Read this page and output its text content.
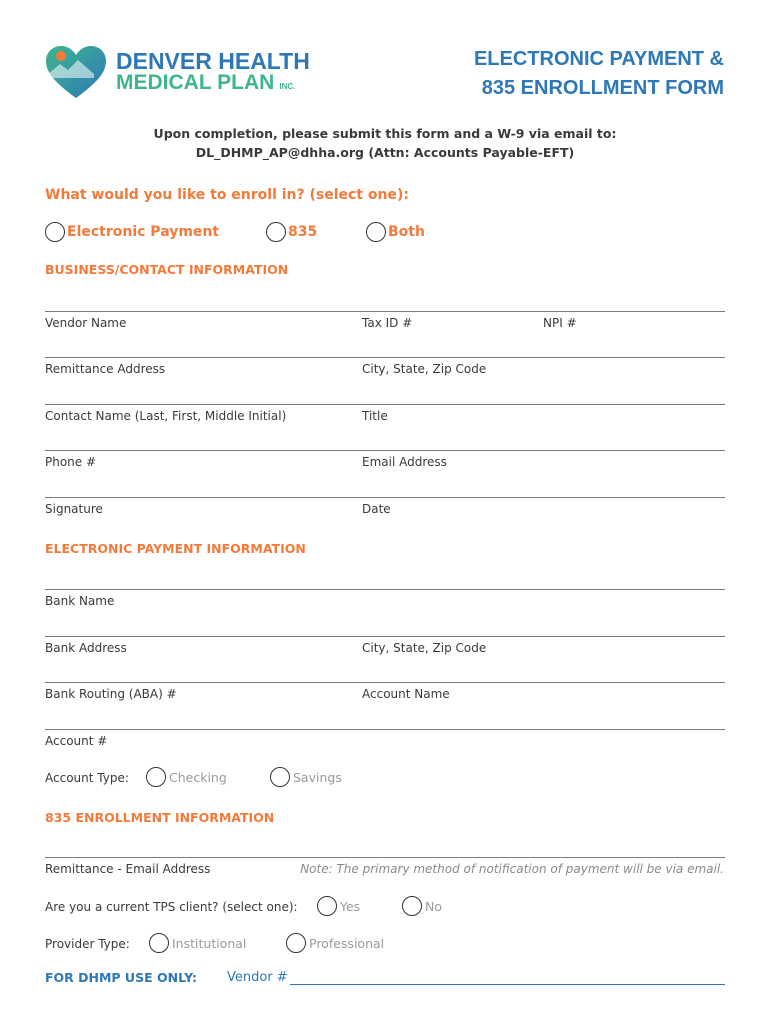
DENVER HEALTH
MEDICAL PLAN INC.
ELECTRONIC PAYMENT &
835 ENROLLMENT FORM
Upon completion, please submit this form and a W-9 via email to:
DL_DHMP_AP@dhha.org (Attn: Accounts Payable-EFT)
What would you like to enroll in? (select one):
Electronic Payment	835	Both
BUSINESS/CONTACT INFORMATION
Vendor Name	Tax ID #	NPI #
Remittance Address	City, State, Zip Code
Contact Name (Last, First, Middle Initial)	Title
Phone #	Email Address
Signature	Date
ELECTRONIC PAYMENT INFORMATION
Bank Name
Bank Address	City, State, Zip Code
Bank Routing (ABA) #	Account Name
Account #
Account Type:	Checking	Savings
835 ENROLLMENT INFORMATION
Remittance - Email Address	Note: The primary method of notification of payment will be via email.
Are you a current TPS client? (select one):	Yes	No
Provider Type:	Institutional	Professional
FOR DHMP USE ONLY: Vendor #
